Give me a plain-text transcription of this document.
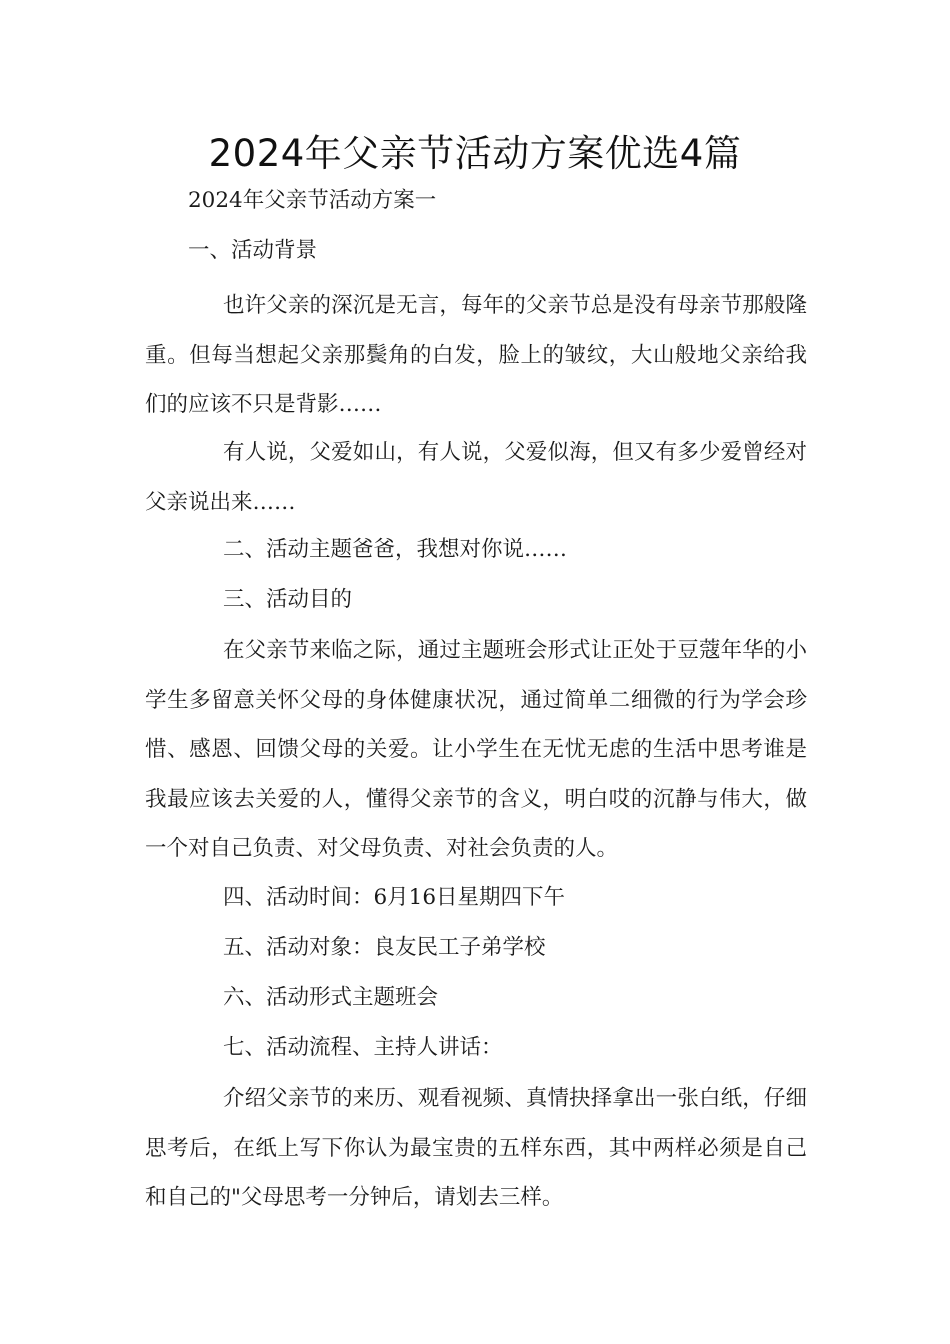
2024年父亲节活动方案优选4篇
2024年父亲节活动方案一
一、活动背景

也许父亲的深沉是无言，每年的父亲节总是没有母亲节那般隆重。但每当想起父亲那鬓角的白发，脸上的皱纹，大山般地父亲给我们的应该不只是背影……

有人说，父爱如山，有人说，父爱似海，但又有多少爱曾经对父亲说出来……

二、活动主题爸爸，我想对你说……
三、活动目的

在父亲节来临之际，通过主题班会形式让正处于豆蔻年华的小学生多留意关怀父母的身体健康状况，通过简单二细微的行为学会珍惜、感恩、回馈父母的关爱。让小学生在无忧无虑的生活中思考谁是我最应该去关爱的人，懂得父亲节的含义，明白哎的沉静与伟大，做一个对自己负责、对父母负责、对社会负责的人。

四、活动时间：6月16日星期四下午
五、活动对象：良友民工子弟学校
六、活动形式主题班会
七、活动流程、主持人讲话：

介绍父亲节的来历、观看视频、真情抉择拿出一张白纸，仔细思考后，在纸上写下你认为最宝贵的五样东西，其中两样必须是自己和自己的"父母思考一分钟后，请划去三样。
